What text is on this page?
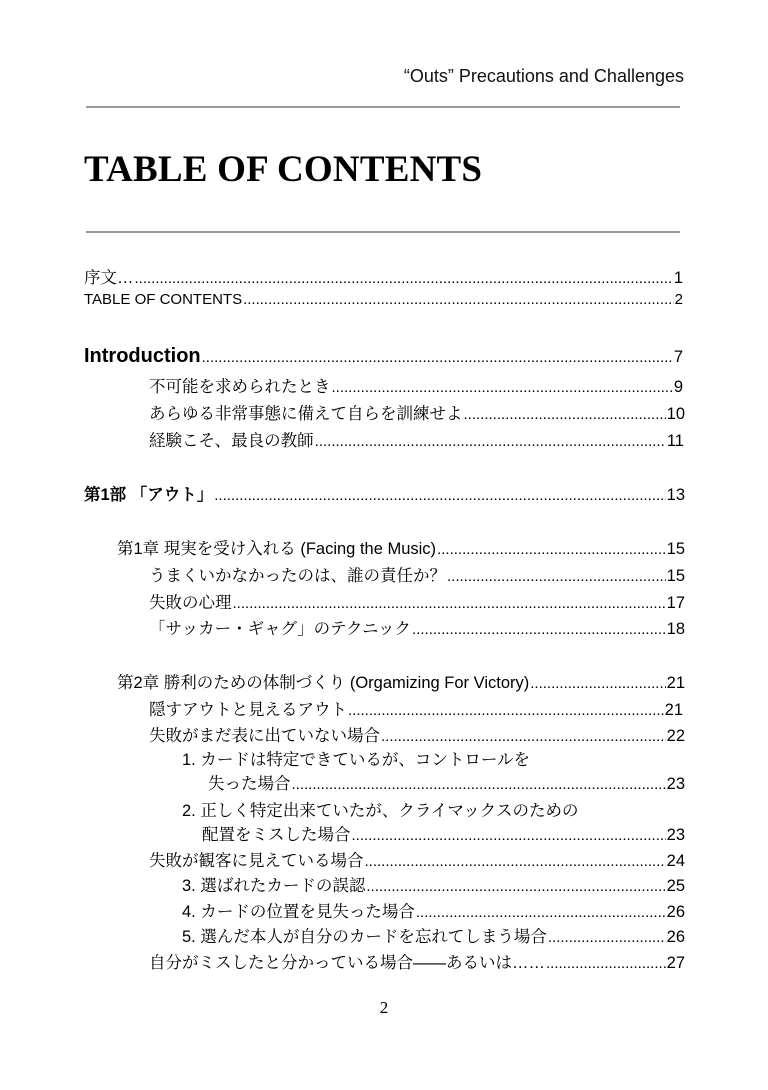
“Outs” Precautions and Challenges
TABLE OF CONTENTS
序文… .....	1
TABLE OF CONTENTS .....	2
Introduction .....	7
不可能を求められたとき .....	9
あらゆる非常事態に備えて自らを訓練せよ .....	10
経験こそ、最良の教師 .....	11
第1部 「アウト」 .....	13
第1章 現実を受け入れる (Facing the Music) .....	15
うまくいかなかったのは、誰の責任か？ .....	15
失敗の心理 .....	17
「サッカー・ギャグ」のテクニック .....	18
第2章 勝利のための体制づくり (Orgamizing For Victory) .....	21
隠すアウトと見えるアウト .....	21
失敗がまだ表に出ていない場合 .....	22
1. カードは特定できているが、コントロールを
失った場合 .....	23
2. 正しく特定出来ていたが、クライマックスのための
配置をミスした場合 .....	23
失敗が観客に見えている場合 .....	24
3. 選ばれたカードの誤認 .....	25
4. カードの位置を見失った場合 .....	26
5. 選んだ本人が自分のカードを忘れてしまう場合 .....	26
自分がミスしたと分かっている場合——あるいは…… .....	27
2
